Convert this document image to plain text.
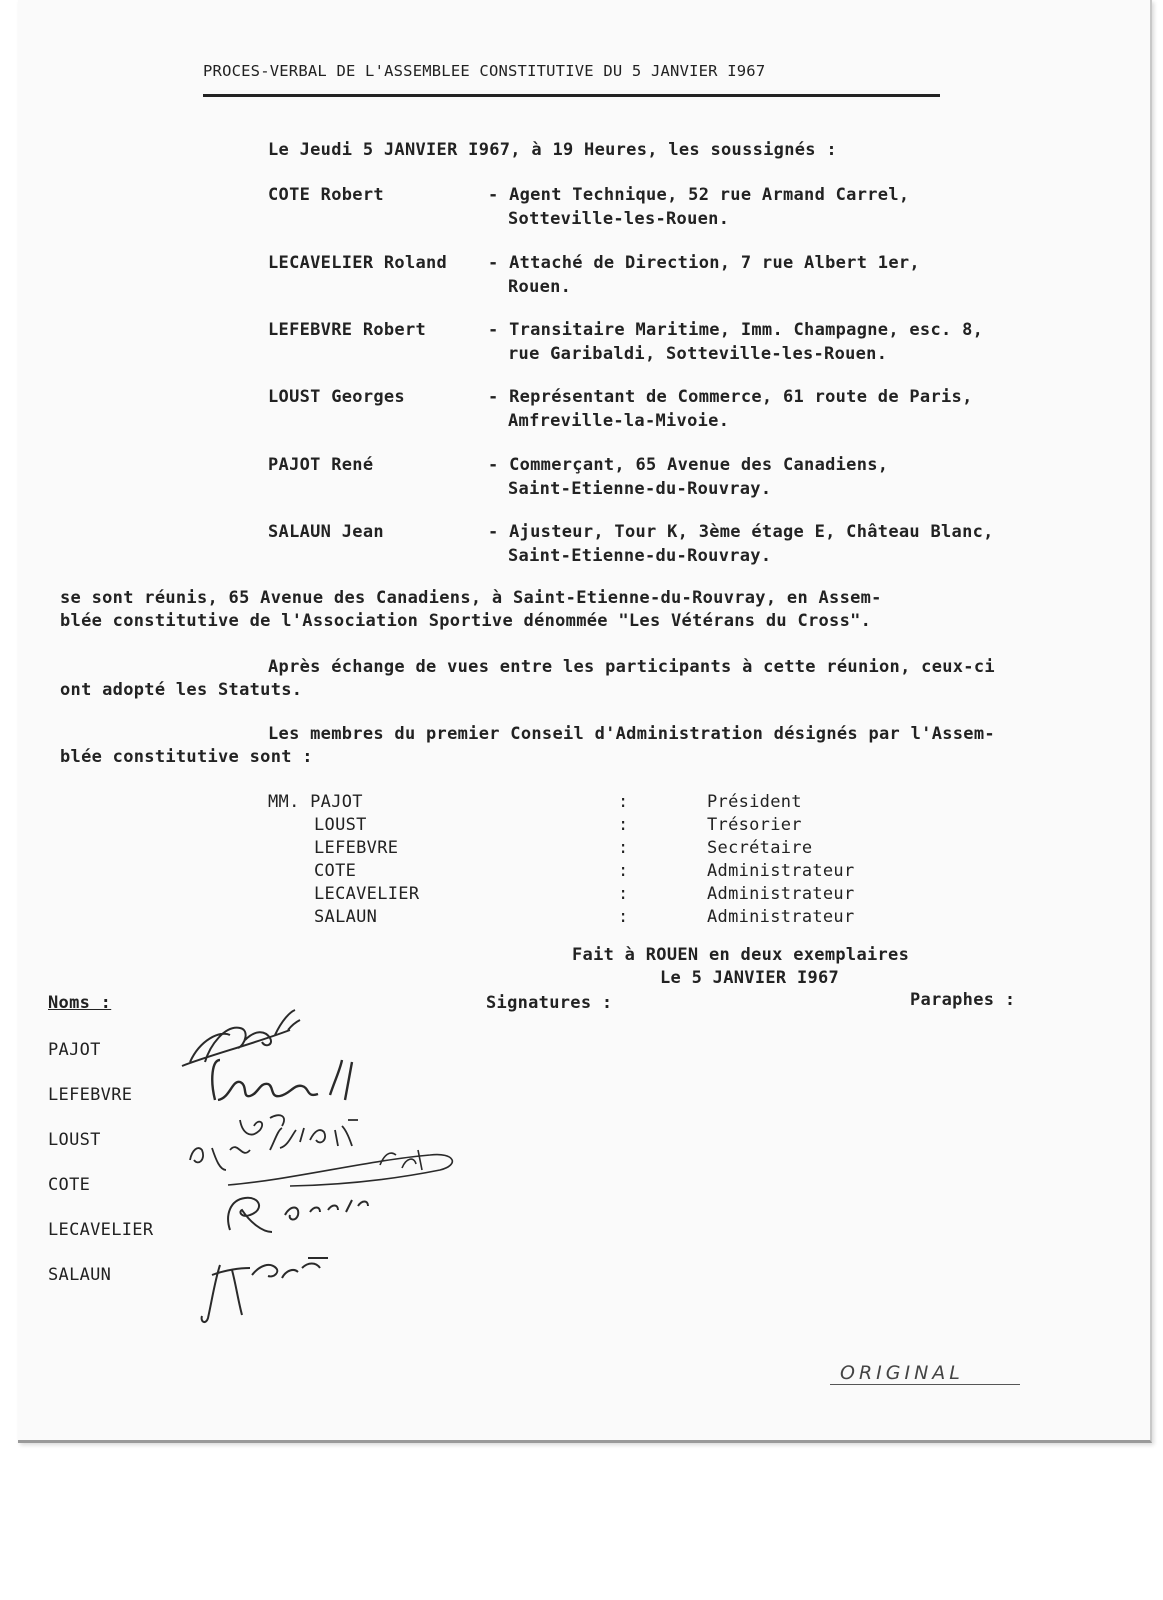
PROCES-VERBAL DE L'ASSEMBLEE CONSTITUTIVE DU 5 JANVIER I967
Le Jeudi 5 JANVIER I967, à 19 Heures, les soussignés :
COTE Robert	- Agent Technique, 52 rue Armand Carrel,
Sotteville-les-Rouen.
LECAVELIER Roland - Attaché de Direction, 7 rue Albert 1er,
Rouen.
LEFEBVRE Robert	- Transitaire Maritime, Imm. Champagne, esc. 8,
rue Garibaldi, Sotteville-les-Rouen.
LOUST Georges	- Représentant de Commerce, 61 route de Paris,
Amfreville-la-Mivoie.
PAJOT René	- Commerçant, 65 Avenue des Canadiens,
Saint-Etienne-du-Rouvray.
SALAUN Jean	- Ajusteur, Tour K, 3ème étage E, Château Blanc,
Saint-Etienne-du-Rouvray.
se sont réunis, 65 Avenue des Canadiens, à Saint-Etienne-du-Rouvray, en Assem-
blée constitutive de l'Association Sportive dénommée "Les Vétérans du Cross".
Après échange de vues entre les participants à cette réunion, ceux-ci
ont adopté les Statuts.
Les membres du premier Conseil d'Administration désignés par l'Assem-
blée constitutive sont :
MM. PAJOT	:	Président
LOUST	:	Trésorier
LEFEBVRE	:	Secrétaire
COTE	:	Administrateur
LECAVELIER	:	Administrateur
SALAUN	:	Administrateur
Fait à ROUEN en deux exemplaires
Le 5 JANVIER I967
Noms :	Signatures :	Paraphes :
PAJOT
LEFEBVRE
LOUST
COTE
LECAVELIER
SALAUN
ORIGINAL
